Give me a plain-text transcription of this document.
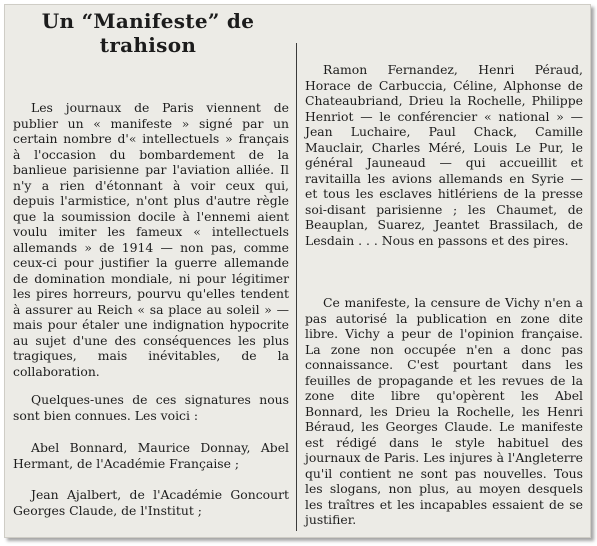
Un “Manifeste” de trahison

Les journaux de Paris viennent de publier un « manifeste » signé par un certain nombre d'« intellectuels » français à l'occasion du bombardement de la banlieue parisienne par l'aviation alliée. Il n'y a rien d'étonnant à voir ceux qui, depuis l'armistice, n'ont plus d'autre règle que la soumission docile à l'ennemi aient voulu imiter les fameux « intellectuels allemands » de 1914 — non pas, comme ceux-ci pour justifier la guerre allemande de domination mondiale, ni pour légitimer les pires horreurs, pourvu qu'elles tendent à assurer au Reich « sa place au soleil » — mais pour étaler une indignation hypocrite au sujet d'une des conséquences les plus tragiques, mais inévitables, de la collaboration.

Quelques-unes de ces signatures nous sont bien connues. Les voici :

Abel Bonnard, Maurice Donnay, Abel Hermant, de l'Académie Française ;

Jean Ajalbert, de l'Académie Goncourt Georges Claude, de l'Institut ;

Ramon Fernandez, Henri Péraud, Horace de Carbuccia, Céline, Alphonse de Chateaubriand, Drieu la Rochelle, Philippe Henriot — le conférencier « national » — Jean Luchaire, Paul Chack, Camille Mauclair, Charles Méré, Louis Le Pur, le général Jauneaud — qui accueillit et ravitailla les avions allemands en Syrie — et tous les esclaves hitlériens de la presse soi-disant parisienne ; les Chaumet, de Beauplan, Suarez, Jeantet Brassilach, de Lesdain . . . Nous en passons et des pires.

Ce manifeste, la censure de Vichy n'en a pas autorisé la publication en zone dite libre. Vichy a peur de l'opinion française. La zone non occupée n'en a donc pas connaissance. C'est pourtant dans les feuilles de propagande et les revues de la zone dite libre qu'opèrent les Abel Bonnard, les Drieu la Rochelle, les Henri Béraud, les Georges Claude. Le manifeste est rédigé dans le style habituel des journaux de Paris. Les injures à l'Angleterre qu'il contient ne sont pas nouvelles. Tous les slogans, non plus, au moyen desquels les traîtres et les incapables essaient de se justifier.
